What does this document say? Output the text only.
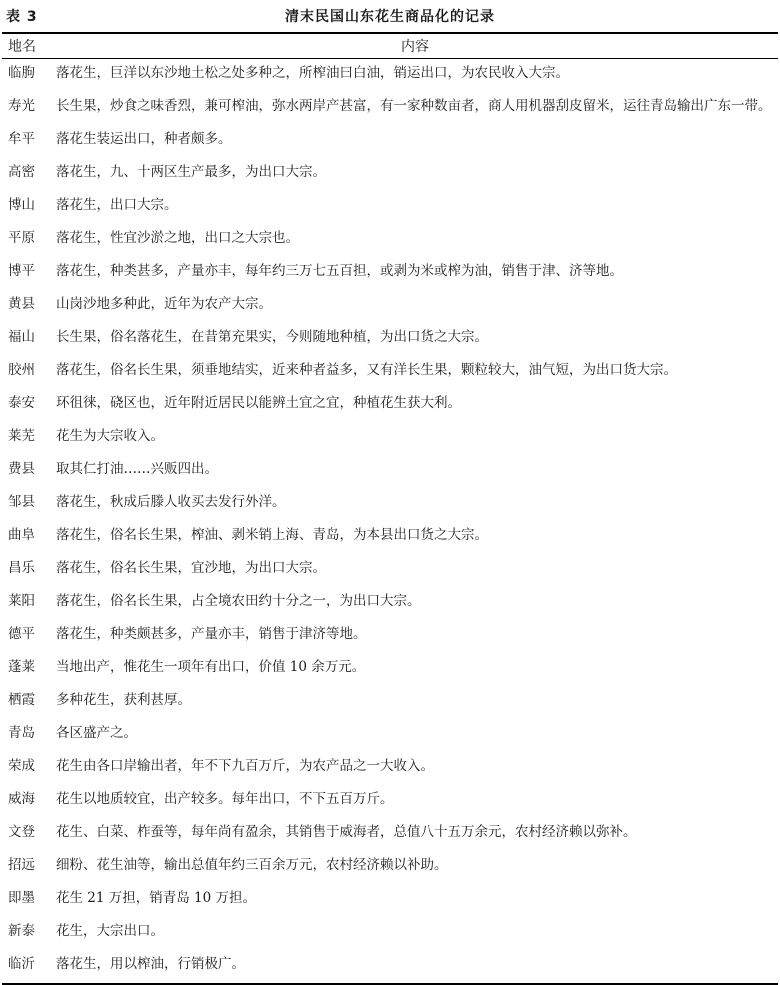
表 3	清末民国山东花生商品化的记录
地名	内容
临朐	落花生，巨洋以东沙地土松之处多种之，所榨油曰白油，销运出口，为农民收入大宗。
寿光	长生果，炒食之味香烈，兼可榨油，弥水两岸产甚富，有一家种数亩者，商人用机器刮皮留米，运往青岛输出广东一带。
牟平	落花生装运出口，种者颇多。
高密	落花生，九、十两区生产最多，为出口大宗。
博山	落花生，出口大宗。
平原	落花生，性宜沙淤之地，出口之大宗也。
博平	落花生，种类甚多，产量亦丰，每年约三万七五百担，或剥为米或榨为油，销售于津、济等地。
黄县	山岗沙地多种此，近年为农产大宗。
福山	长生果，俗名落花生，在昔第充果实，今则随地种植，为出口货之大宗。
胶州	落花生，俗名长生果，须垂地结实，近来种者益多，又有洋长生果，颗粒较大，油气短，为出口货大宗。
泰安	环徂徕，硗区也，近年附近居民以能辨土宜之宜，种植花生获大利。
莱芜	花生为大宗收入。
费县	取其仁打油……兴贩四出。
邹县	落花生，秋成后滕人收买去发行外洋。
曲阜	落花生，俗名长生果，榨油、剥米销上海、青岛，为本县出口货之大宗。
昌乐	落花生，俗名长生果，宜沙地，为出口大宗。
莱阳	落花生，俗名长生果，占全境农田约十分之一，为出口大宗。
德平	落花生，种类颇甚多，产量亦丰，销售于津济等地。
蓬莱	当地出产，惟花生一项年有出口，价值 10 余万元。
栖霞	多种花生，获利甚厚。
青岛	各区盛产之。
荣成	花生由各口岸输出者，年不下九百万斤，为农产品之一大收入。
威海	花生以地质较宜，出产较多。每年出口，不下五百万斤。
文登	花生、白菜、柞蚕等，每年尚有盈余，其销售于威海者，总值八十五万余元，农村经济赖以弥补。
招远	细粉、花生油等，输出总值年约三百余万元，农村经济赖以补助。
即墨	花生 21 万担，销青岛 10 万担。
新泰	花生，大宗出口。
临沂	落花生，用以榨油，行销极广。
